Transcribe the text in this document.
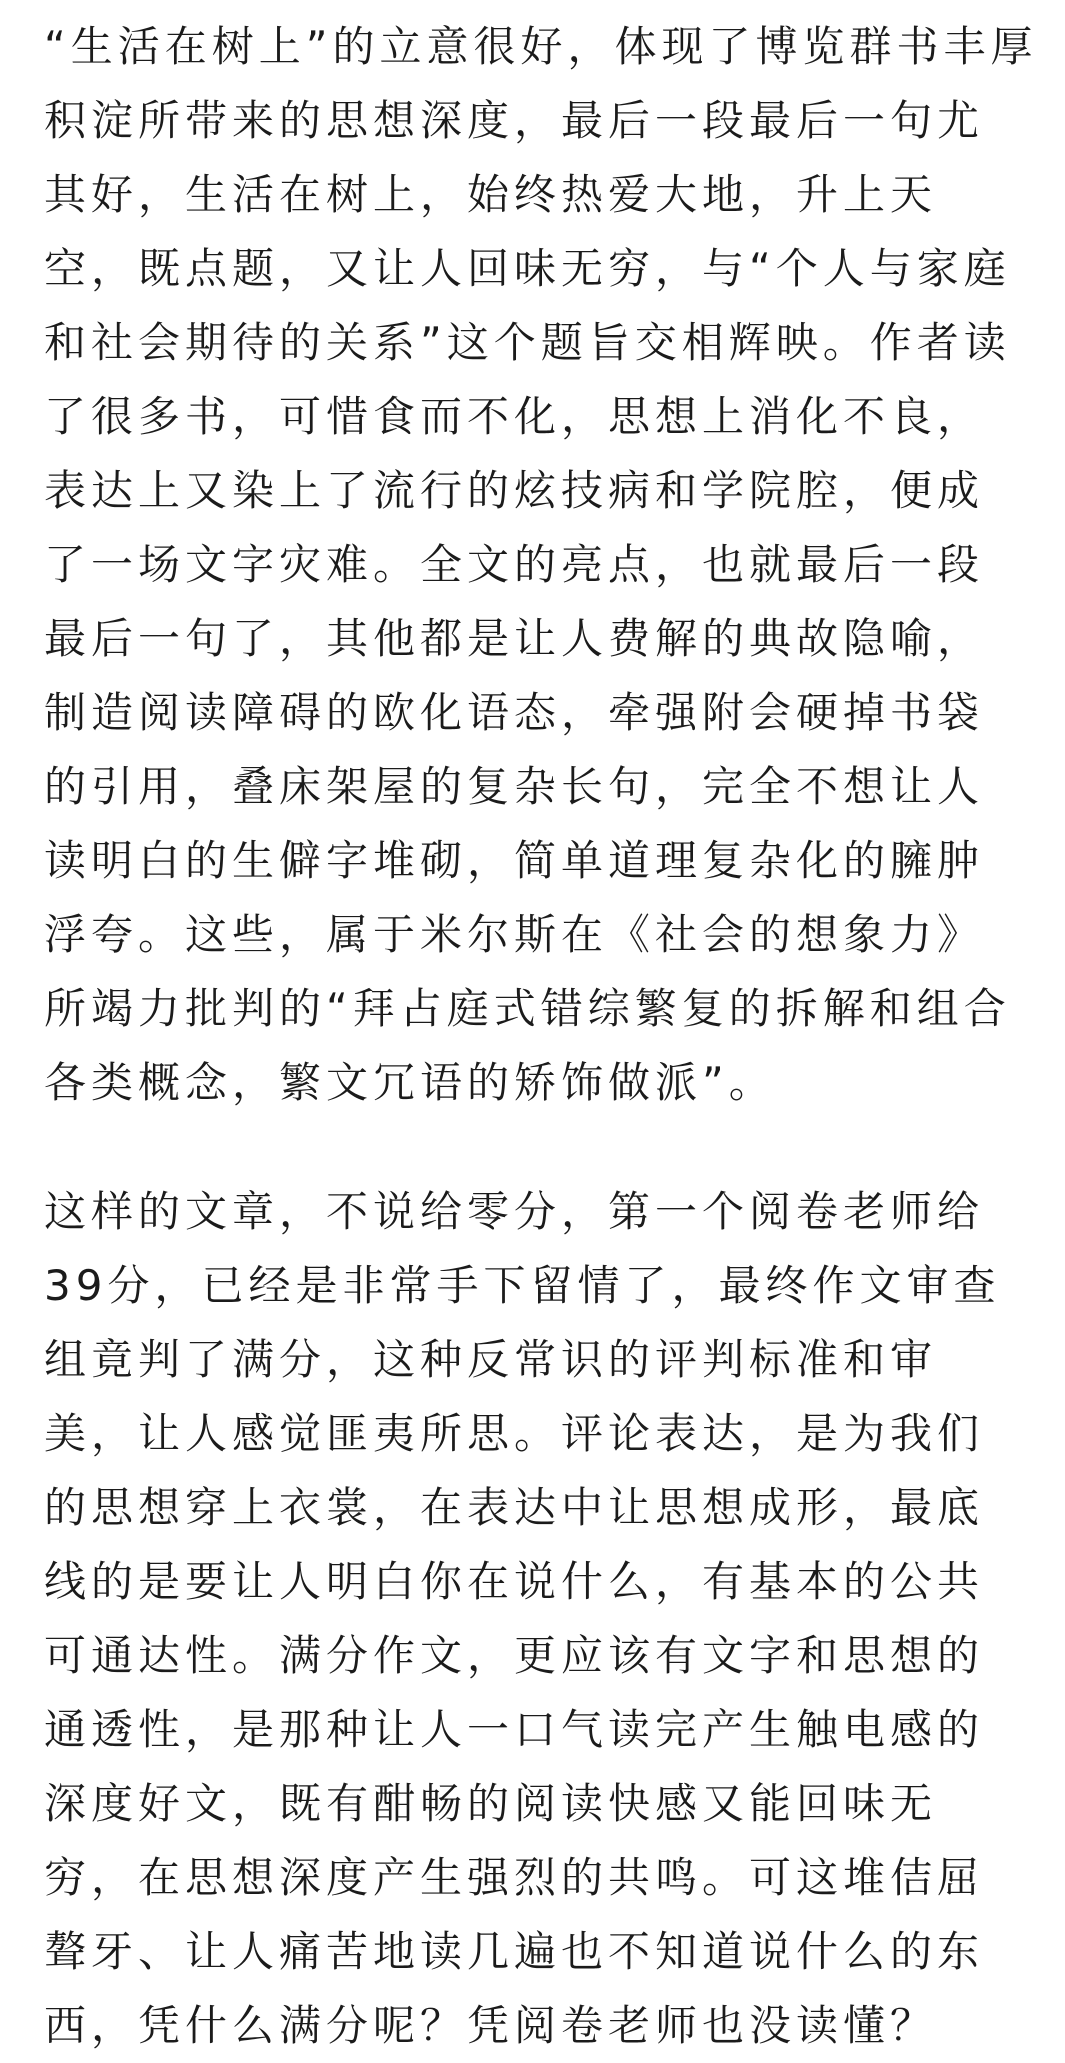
“生活在树上”的立意很好，体现了博览群书丰厚
积淀所带来的思想深度，最后一段最后一句尤
其好，生活在树上，始终热爱大地，升上天
空，既点题，又让人回味无穷，与“个人与家庭
和社会期待的关系”这个题旨交相辉映。作者读
了很多书，可惜食而不化，思想上消化不良，
表达上又染上了流行的炫技病和学院腔，便成
了一场文字灾难。全文的亮点，也就最后一段
最后一句了，其他都是让人费解的典故隐喻，
制造阅读障碍的欧化语态，牵强附会硬掉书袋
的引用，叠床架屋的复杂长句，完全不想让人
读明白的生僻字堆砌，简单道理复杂化的臃肿
浮夸。这些，属于米尔斯在《社会的想象力》
所竭力批判的“拜占庭式错综繁复的拆解和组合
各类概念，繁文冗语的矫饰做派”。

这样的文章，不说给零分，第一个阅卷老师给
39分，已经是非常手下留情了，最终作文审查
组竟判了满分，这种反常识的评判标准和审
美，让人感觉匪夷所思。评论表达，是为我们
的思想穿上衣裳，在表达中让思想成形，最底
线的是要让人明白你在说什么，有基本的公共
可通达性。满分作文，更应该有文字和思想的
通透性，是那种让人一口气读完产生触电感的
深度好文，既有酣畅的阅读快感又能回味无
穷，在思想深度产生强烈的共鸣。可这堆佶屈
聱牙、让人痛苦地读几遍也不知道说什么的东
西，凭什么满分呢？凭阅卷老师也没读懂？
